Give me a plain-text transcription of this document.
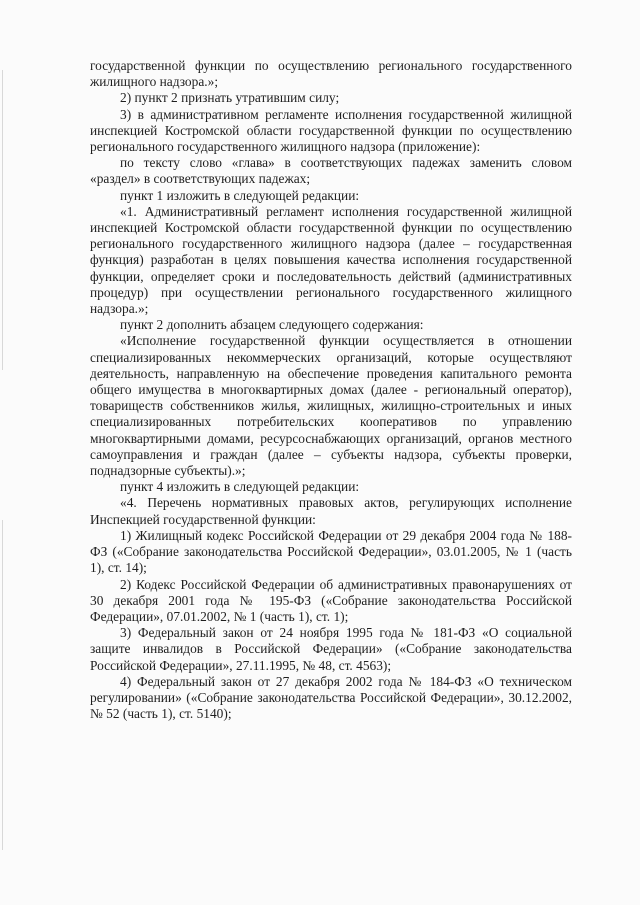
государственной функции по осуществлению регионального государственного жилищного надзора.»;

2) пункт 2 признать утратившим силу;

3) в административном регламенте исполнения государственной жилищной инспекцией Костромской области государственной функции по осуществлению регионального государственного жилищного надзора (приложение):

по тексту слово «глава» в соответствующих падежах заменить словом «раздел» в соответствующих падежах;

пункт 1 изложить в следующей редакции:

«1. Административный регламент исполнения государственной жилищной инспекцией Костромской области государственной функции по осуществлению регионального государственного жилищного надзора (далее – государственная функция) разработан в целях повышения качества исполнения государственной функции, определяет сроки и последовательность действий (административных процедур) при осуществлении регионального государственного жилищного надзора.»;

пункт 2 дополнить абзацем следующего содержания:

«Исполнение государственной функции осуществляется в отношении специализированных некоммерческих организаций, которые осуществляют деятельность, направленную на обеспечение проведения капитального ремонта общего имущества в многоквартирных домах (далее - региональный оператор), товариществ собственников жилья, жилищных, жилищно-строительных и иных специализированных потребительских кооперативов по управлению многоквартирными домами, ресурсоснабжающих организаций, органов местного самоуправления и граждан (далее – субъекты надзора, субъекты проверки, поднадзорные субъекты).»;

пункт 4 изложить в следующей редакции:

«4. Перечень нормативных правовых актов, регулирующих исполнение Инспекцией государственной функции:

1) Жилищный кодекс Российской Федерации от 29 декабря 2004 года № 188-ФЗ («Собрание законодательства Российской Федерации», 03.01.2005, № 1 (часть 1), ст. 14);

2) Кодекс Российской Федерации об административных правонарушениях от 30 декабря 2001 года № 195-ФЗ («Собрание законодательства Российской Федерации», 07.01.2002, № 1 (часть 1), ст. 1);

3) Федеральный закон от 24 ноября 1995 года № 181-ФЗ «О социальной защите инвалидов в Российской Федерации» («Собрание законодательства Российской Федерации», 27.11.1995, № 48, ст. 4563);

4) Федеральный закон от 27 декабря 2002 года № 184-ФЗ «О техническом регулировании» («Собрание законодательства Российской Федерации», 30.12.2002, № 52 (часть 1), ст. 5140);
